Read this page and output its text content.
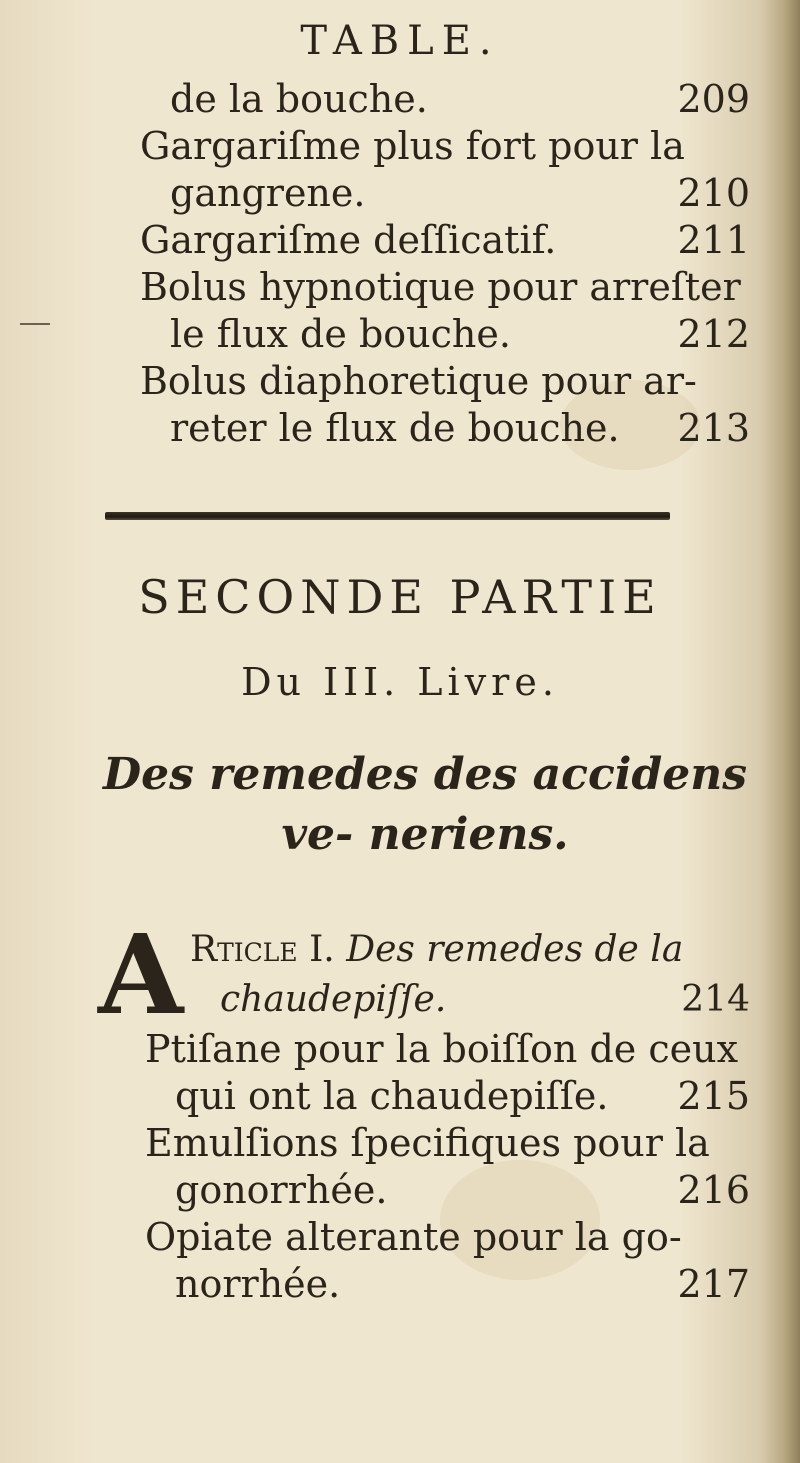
TABLE.
de la bouche.	209
Gargariſme plus fort pour la
gangrene.	210
Gargariſme deſſicatif.	211
Bolus hypnotique pour arreſter
le flux de bouche.	212
Bolus diaphoretique pour ar-
reter le flux de bouche. 213
SECONDE PARTIE
Du III. Livre.
Des remedes des accidens ve- neriens.
A Rticle I. Des remedes de la
chaudepiſſe.	214
Ptiſane pour la boiſſon de ceux
qui ont la chaudepiſſe. 215
Emulſions ſpecifiques pour la
gonorrhée.	216
Opiate alterante pour la go-
norrhée.	217
